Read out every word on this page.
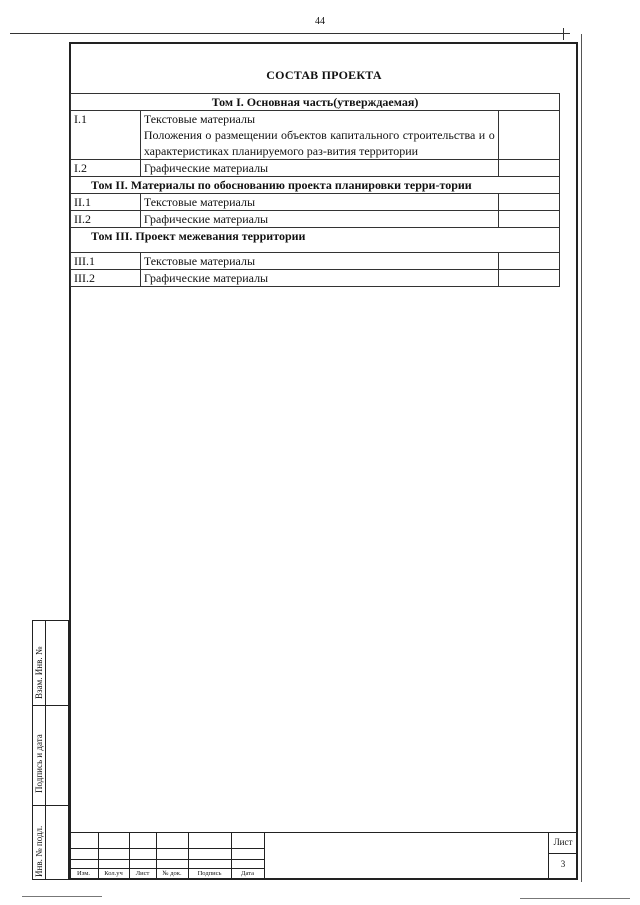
44
СОСТАВ ПРОЕКТА
Том I. Основная часть(утверждаемая)		
I.1	Текстовые материалы
Положения о размещении объектов капитального строительства и о характеристиках планируемого раз-вития территории	

I.2	Графические материалы	
Том II. Материалы по обоснованию проекта планировки терри-тории		
II.1	Текстовые материалы	
II.2	Графические материалы	
Том III. Проект межевания территории		
III.1	Текстовые материалы	
III.2	Графические материалы	
Взам. Инв. №
Подпись и дата
Инв. № подл.	Изм.	Кол.уч	Лист	№ док.	Подпись	Дата
Лист
3
